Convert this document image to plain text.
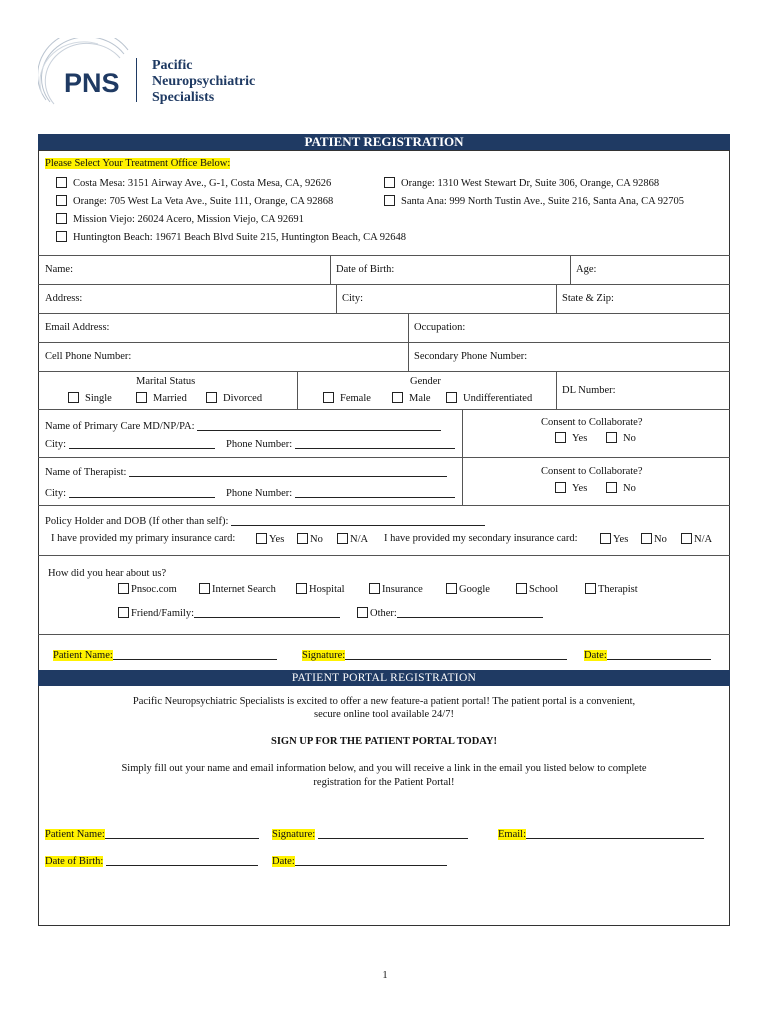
PNS
Pacific
Neuropsychiatric
Specialists
PATIENT REGISTRATION
Please Select Your Treatment Office Below:
Costa Mesa: 3151 Airway Ave., G-1, Costa Mesa, CA, 92626	Orange: 1310 West Stewart Dr, Suite 306, Orange, CA 92868
Orange: 705 West La Veta Ave., Suite 111, Orange, CA 92868	Santa Ana: 999 North Tustin Ave., Suite 216, Santa Ana, CA 92705
Mission Viejo: 26024 Acero, Mission Viejo, CA 92691
Huntington Beach: 19671 Beach Blvd Suite 215, Huntington Beach, CA 92648
Name:	Date of Birth:	Age:
Address:	City:	State & Zip:
Email Address:	Occupation:
Cell Phone Number:	Secondary Phone Number:
Marital Status
Single	Married	Divorced
Gender
Female	Male	Undifferentiated
DL Number:
Name of Primary Care MD/NP/PA:
City:	Phone Number:
Consent to Collaborate?
Yes	No
Name of Therapist:
City:	Phone Number:
Consent to Collaborate?
Yes	No
Policy Holder and DOB (If other than self):
I have provided my primary insurance card:	Yes	No	N/A I have provided my secondary insurance card:	Yes	No	N/A
How did you hear about us?
Pnsoc.com	Internet Search	Hospital	Insurance	Google	School	Therapist
Friend/Family:	Other:
Patient Name:	Signature:	Date:
PATIENT PORTAL REGISTRATION
Pacific Neuropsychiatric Specialists is excited to offer a new feature-a patient portal! The patient portal is a convenient,
secure online tool available 24/7!
SIGN UP FOR THE PATIENT PORTAL TODAY!
Simply fill out your name and email information below, and you will receive a link in the email you listed below to complete
registration for the Patient Portal!
Patient Name:	Signature:	Email:
Date of Birth:	Date:
1
